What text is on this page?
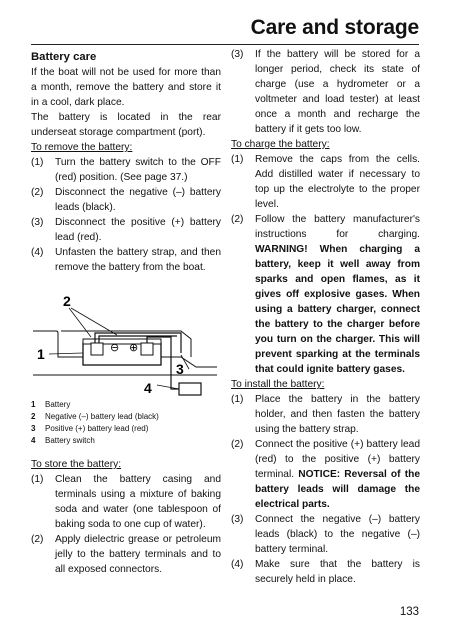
Care and storage
Battery care

If the boat will not be used for more than a month, remove the battery and store it in a cool, dark place.

The battery is located in the rear underseat storage compartment (port).

To remove the battery:
(1)	Turn the battery switch to the OFF (red) position. (See page 37.)
(2)	Disconnect the negative (–) battery leads (black).
(3)	Disconnect the positive (+) battery lead (red).
(4)	Unfasten the battery strap, and then remove the battery from the boat.
⊖ ⊕
2
1
3
4
1 Battery
2 Negative (–) battery lead (black)
3 Positive (+) battery lead (red)
4 Battery switch
To store the battery:
(1)	Clean the battery casing and terminals using a mixture of baking soda and water (one tablespoon of baking soda to one cup of water).
(2)	Apply dielectric grease or petroleum jelly to the battery terminals and to all exposed connectors.
(3)	If the battery will be stored for a longer period, check its state of charge (use a hydrometer or a voltmeter and load tester) at least once a month and recharge the battery if it gets too low.
To charge the battery:
(1)	Remove the caps from the cells. Add distilled water if necessary to top up the electrolyte to the proper level.
(2)	Follow the battery manufacturer's instructions for charging. WARNING! When charging a battery, keep it well away from sparks and open flames, as it gives off explosive gases. When using a battery charger, connect the battery to the charger before you turn on the charger. This will prevent sparking at the terminals that could ignite battery gases.
To install the battery:
(1)	Place the battery in the battery holder, and then fasten the battery using the battery strap.
(2)	Connect the positive (+) battery lead (red) to the positive (+) battery terminal. NOTICE: Reversal of the battery leads will damage the electrical parts.
(3)	Connect the negative (–) battery leads (black) to the negative (–) battery terminal.
(4)	Make sure that the battery is securely held in place.
133
